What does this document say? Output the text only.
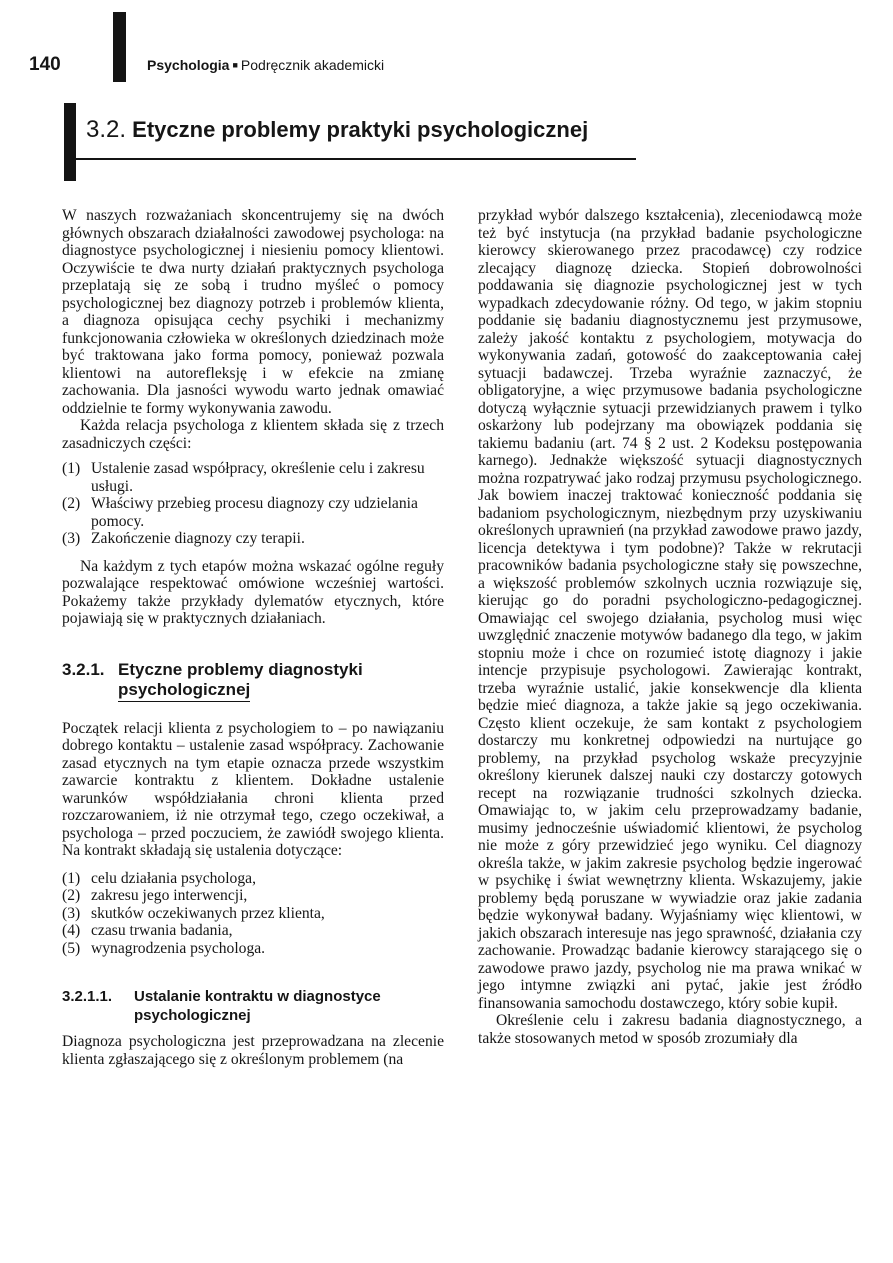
140	Psychologia ■ Podręcznik akademicki
3.2. Etyczne problemy praktyki psychologicznej

W naszych rozważaniach skoncentrujemy się na dwóch głównych obszarach działalności zawodowej psychologa: na diagnostyce psychologicznej i niesieniu pomocy klientowi. Oczywiście te dwa nurty działań praktycznych psychologa przeplatają się ze sobą i trudno myśleć o pomocy psychologicznej bez diagnozy potrzeb i problemów klienta, a diagnoza opisująca cechy psychiki i mechanizmy funkcjonowania człowieka w określonych dziedzinach może być traktowana jako forma pomocy, ponieważ pozwala klientowi na autorefleksję i w efekcie na zmianę zachowania. Dla jasności wywodu warto jednak omawiać oddzielnie te formy wykonywania zawodu.

Każda relacja psychologa z klientem składa się z trzech zasadniczych części:

(1) Ustalenie zasad współpracy, określenie celu i zakresu usługi.
(2) Właściwy przebieg procesu diagnozy czy udzielania pomocy.
(3) Zakończenie diagnozy czy terapii.

Na każdym z tych etapów można wskazać ogólne reguły pozwalające respektować omówione wcześniej wartości. Pokażemy także przykłady dylematów etycznych, które pojawiają się w praktycznych działaniach.

3.2.1. Etyczne problemy diagnostyki
psychologicznej

Początek relacji klienta z psychologiem to – po nawiązaniu dobrego kontaktu – ustalenie zasad współpracy. Zachowanie zasad etycznych na tym etapie oznacza przede wszystkim zawarcie kontraktu z klientem. Dokładne ustalenie warunków współdziałania chroni klienta przed rozczarowaniem, iż nie otrzymał tego, czego oczekiwał, a psychologa – przed poczuciem, że zawiódł swojego klienta. Na kontrakt składają się ustalenia dotyczące:

(1) celu działania psychologa,
(2) zakresu jego interwencji,
(3) skutków oczekiwanych przez klienta,
(4) czasu trwania badania,
(5) wynagrodzenia psychologa.
3.2.1.1.	Ustalanie kontraktu w diagnostyce psychologicznej

Diagnoza psychologiczna jest przeprowadzana na zlecenie klienta zgłaszającego się z określonym problemem (na

przykład wybór dalszego kształcenia), zleceniodawcą może też być instytucja (na przykład badanie psychologiczne kierowcy skierowanego przez pracodawcę) czy rodzice zlecający diagnozę dziecka. Stopień dobrowolności poddawania się diagnozie psychologicznej jest w tych wypadkach zdecydowanie różny. Od tego, w jakim stopniu poddanie się badaniu diagnostycznemu jest przymusowe, zależy jakość kontaktu z psychologiem, motywacja do wykonywania zadań, gotowość do zaakceptowania całej sytuacji badawczej. Trzeba wyraźnie zaznaczyć, że obligatoryjne, a więc przymusowe badania psychologiczne dotyczą wyłącznie sytuacji przewidzianych prawem i tylko oskarżony lub podejrzany ma obowiązek poddania się takiemu badaniu (art. 74 § 2 ust. 2 Kodeksu postępowania karnego). Jednakże większość sytuacji diagnostycznych można rozpatrywać jako rodzaj przymusu psychologicznego. Jak bowiem inaczej traktować konieczność poddania się badaniom psychologicznym, niezbędnym przy uzyskiwaniu określonych uprawnień (na przykład zawodowe prawo jazdy, licencja detektywa i tym podobne)? Także w rekrutacji pracowników badania psychologiczne stały się powszechne, a większość problemów szkolnych ucznia rozwiązuje się, kierując go do poradni psychologiczno-pedagogicznej. Omawiając cel swojego działania, psycholog musi więc uwzględnić znaczenie motywów badanego dla tego, w jakim stopniu może i chce on rozumieć istotę diagnozy i jakie intencje przypisuje psychologowi. Zawierając kontrakt, trzeba wyraźnie ustalić, jakie konsekwencje dla klienta będzie mieć diagnoza, a także jakie są jego oczekiwania. Często klient oczekuje, że sam kontakt z psychologiem dostarczy mu konkretnej odpowiedzi na nurtujące go problemy, na przykład psycholog wskaże precyzyjnie określony kierunek dalszej nauki czy dostarczy gotowych recept na rozwiązanie trudności szkolnych dziecka. Omawiając to, w jakim celu przeprowadzamy badanie, musimy jednocześnie uświadomić klientowi, że psycholog nie może z góry przewidzieć jego wyniku. Cel diagnozy określa także, w jakim zakresie psycholog będzie ingerować w psychikę i świat wewnętrzny klienta. Wskazujemy, jakie problemy będą poruszane w wywiadzie oraz jakie zadania będzie wykonywał badany. Wyjaśniamy więc klientowi, w jakich obszarach interesuje nas jego sprawność, działania czy zachowanie. Prowadząc badanie kierowcy starającego się o zawodowe prawo jazdy, psycholog nie ma prawa wnikać w jego intymne związki ani pytać, jakie jest źródło finansowania samochodu dostawczego, który sobie kupił.

Określenie celu i zakresu badania diagnostycznego, a także stosowanych metod w sposób zrozumiały dla
